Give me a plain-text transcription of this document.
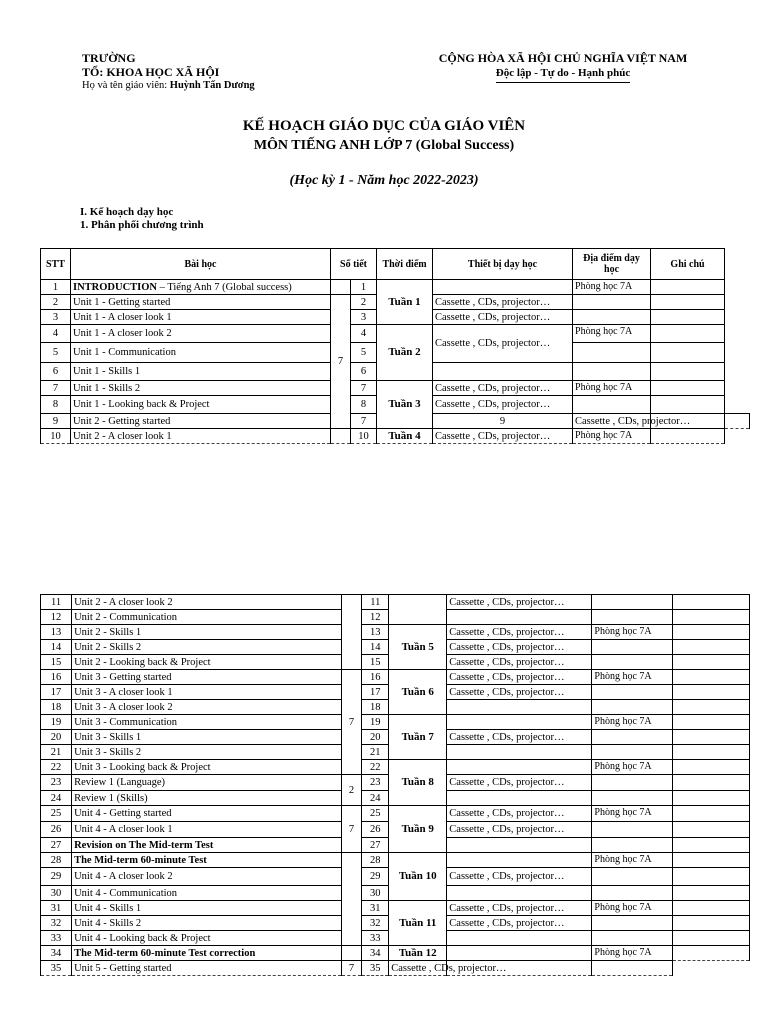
TRƯỜNG
TỔ: KHOA HỌC XÃ HỘI
Họ và tên giáo viên: Huỳnh Tấn Dương
CỘNG HÒA XÃ HỘI CHỦ NGHĨA VIỆT NAM
Độc lập - Tự do - Hạnh phúc
KẾ HOẠCH GIÁO DỤC CỦA GIÁO VIÊN
MÔN TIẾNG ANH LỚP 7 (Global Success)
(Học kỳ 1 - Năm học 2022-2023)
I. Kế hoạch dạy học
1. Phân phối chương trình
STT	Bài học	Số tiết		Thời điểm	Thiết bị dạy học	Địa điểm dạy học	Ghi chú	
1	INTRODUCTION – Tiếng Anh 7 (Global success)		1	Tuần 1		Phòng học 7A		
2	Unit 1 - Getting started	7	2		Cassette , CDs, projector…			
3	Unit 1 - A closer look 1		3		Cassette , CDs, projector…			
4	Unit 1 - A closer look 2		4	Tuần 2	Cassette , CDs, projector…	Phòng học 7A		
5	Unit 1 - Communication		5					
6	Unit 1 - Skills 1		6					
7	Unit 1 - Skills 2		7	Tuần 3	Cassette , CDs, projector…	Phòng học 7A		
8	Unit 1 - Looking back & Project		8		Cassette , CDs, projector…			
9	Unit 2 - Getting started		7		9	Cassette , CDs, projector…		
10	Unit 2 - A closer look 1		10	Tuần 4	Cassette , CDs, projector…	Phòng học 7A		
11	Unit 2 - A closer look 2		11		Cassette , CDs, projector…		
12	Unit 2 - Communication		12				
13	Unit 2 - Skills 1		13	Tuần 5	Cassette , CDs, projector…	Phòng học 7A	
14	Unit 2 - Skills 2		14		Cassette , CDs, projector…		
15	Unit 2 - Looking back & Project		15		Cassette , CDs, projector…		
16	Unit 3 - Getting started	7	16	Tuần 6	Cassette , CDs, projector…	Phòng học 7A	
17	Unit 3 - A closer look 1		17		Cassette , CDs, projector…		
18	Unit 3 - A closer look 2		18				
19	Unit 3 - Communication		19	Tuần 7		Phòng học 7A	
20	Unit 3 - Skills 1		20		Cassette , CDs, projector…		
21	Unit 3 - Skills 2		21				
22	Unit 3 - Looking back & Project		22	Tuần 8		Phòng học 7A	
23	Review 1 (Language)	2	23		Cassette , CDs, projector…		
24	Review 1 (Skills)		24				
25	Unit 4 - Getting started	7	25	Tuần 9	Cassette , CDs, projector…	Phòng học 7A	
26	Unit 4 - A closer look 1		26		Cassette , CDs, projector…		
27	Revision on The Mid-term Test		27				
28	The Mid-term 60-minute Test		28	Tuần 10		Phòng học 7A	
29	Unit 4 - A closer look 2		29		Cassette , CDs, projector…		
30	Unit 4 - Communication		30				
31	Unit 4 - Skills 1		31	Tuần 11	Cassette , CDs, projector…	Phòng học 7A	
32	Unit 4 - Skills 2		32		Cassette , CDs, projector…		
33	Unit 4 - Looking back & Project		33				
34	The Mid-term 60-minute Test correction		34	Tuần 12		Phòng học 7A	
35	Unit 5 - Getting started	7	35	Cassette , CDs, projector…			
